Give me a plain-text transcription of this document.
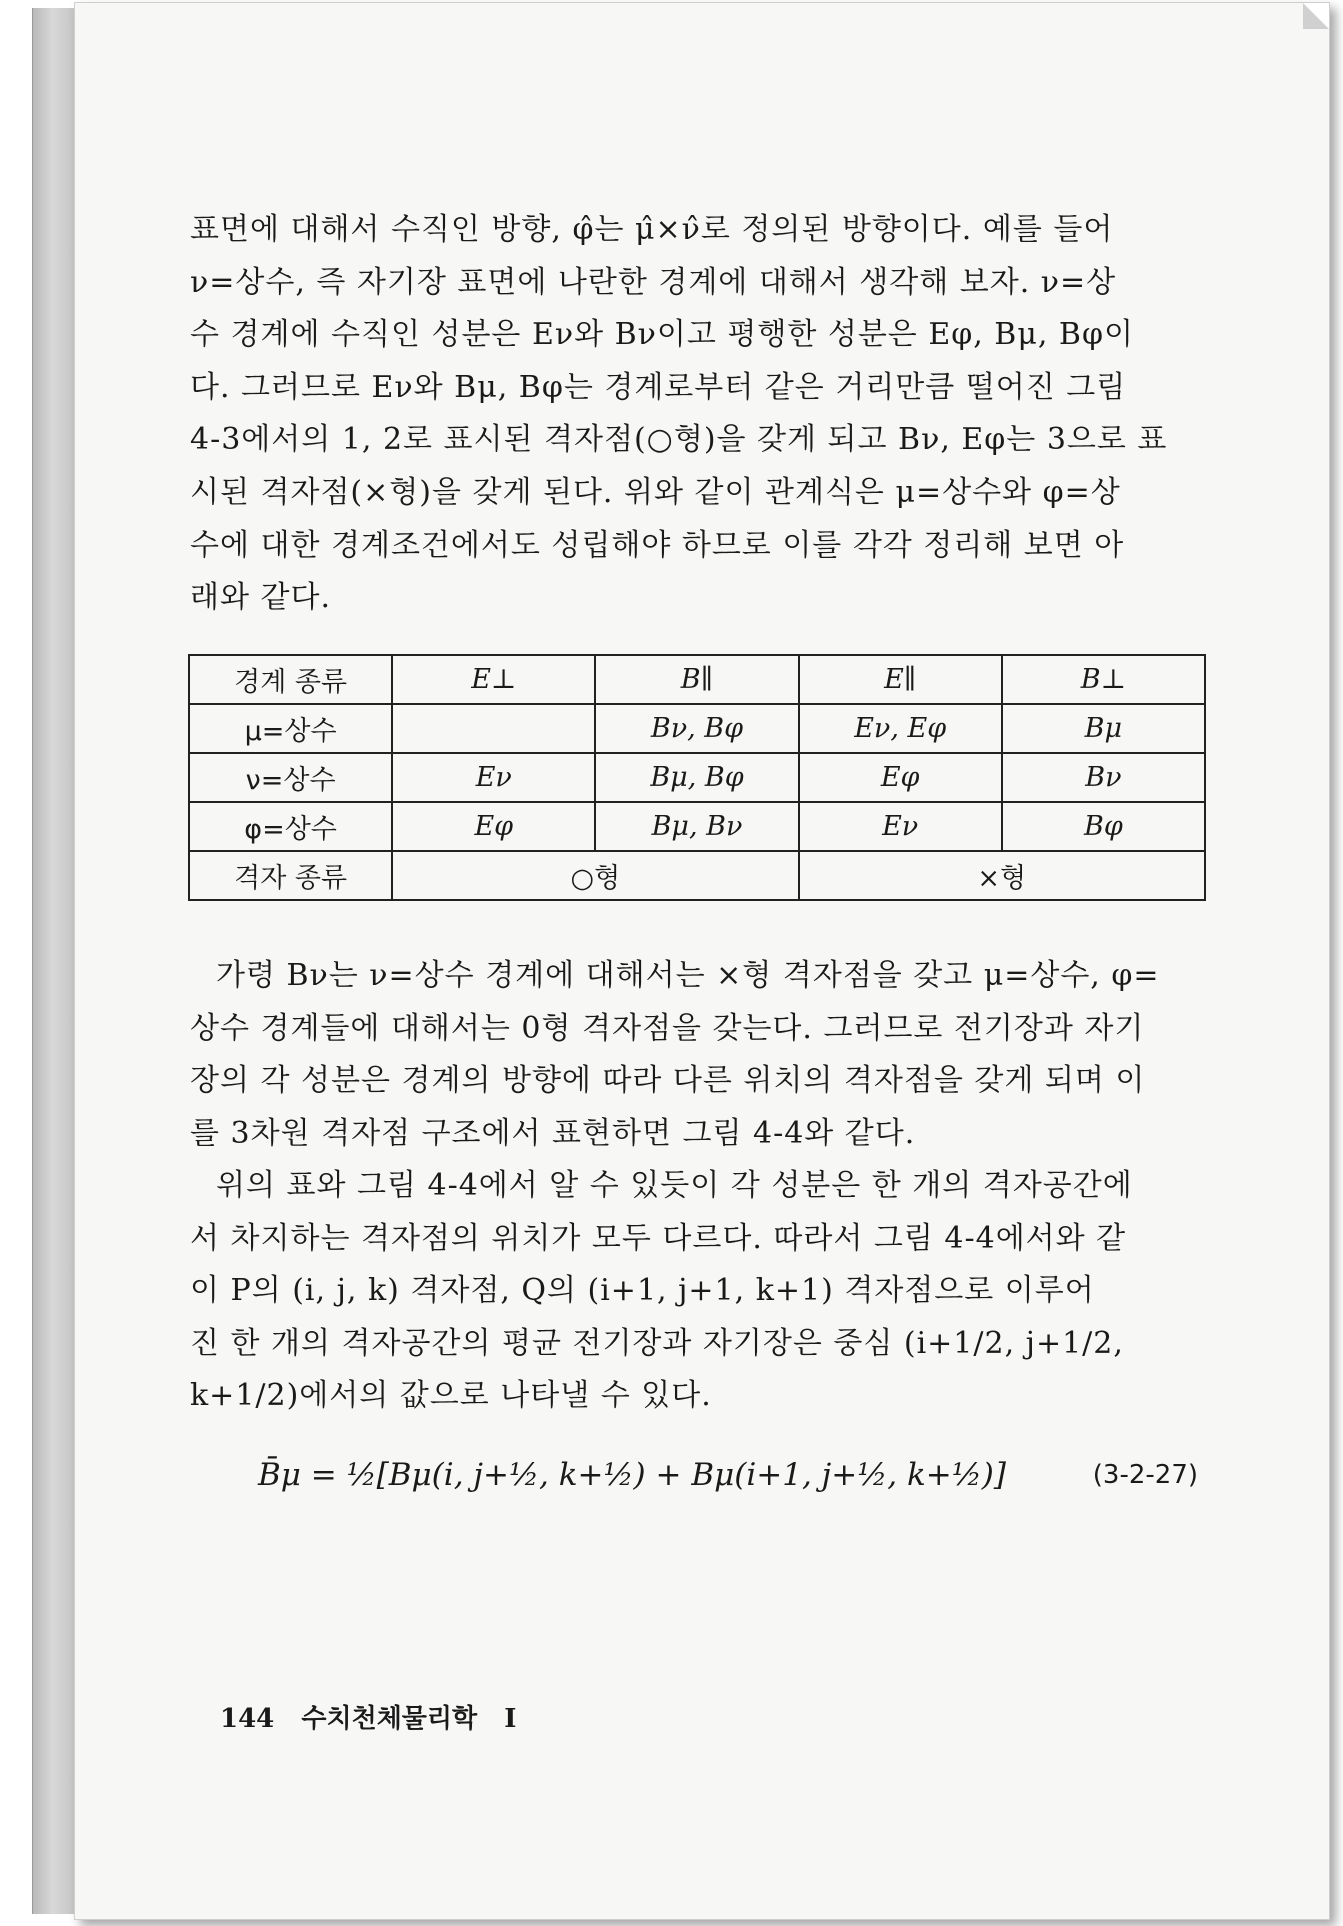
표면에 대해서 수직인 방향, φ̂는 μ̂×ν̂로 정의된 방향이다. 예를 들어

ν=상수, 즉 자기장 표면에 나란한 경계에 대해서 생각해 보자. ν=상

수 경계에 수직인 성분은 Eν와 Bν이고 평행한 성분은 Eφ, Bμ, Bφ이

다. 그러므로 Eν와 Bμ, Bφ는 경계로부터 같은 거리만큼 떨어진 그림

4-3에서의 1, 2로 표시된 격자점(○형)을 갖게 되고 Bν, Eφ는 3으로 표

시된 격자점(×형)을 갖게 된다. 위와 같이 관계식은 μ=상수와 φ=상

수에 대한 경계조건에서도 성립해야 하므로 이를 각각 정리해 보면 아

래와 같다.

경계 종류	E⊥	B∥	E∥	B⊥
μ=상수		Bν, Bφ	Eν, Eφ	Bμ
ν=상수	Eν	Bμ, Bφ	Eφ	Bν
φ=상수	Eφ	Bμ, Bν	Eν	Bφ
격자 종류	○형		×형	

가령 Bν는 ν=상수 경계에 대해서는 ×형 격자점을 갖고 μ=상수, φ=

상수 경계들에 대해서는 0형 격자점을 갖는다. 그러므로 전기장과 자기

장의 각 성분은 경계의 방향에 따라 다른 위치의 격자점을 갖게 되며 이

를 3차원 격자점 구조에서 표현하면 그림 4-4와 같다.

위의 표와 그림 4-4에서 알 수 있듯이 각 성분은 한 개의 격자공간에

서 차지하는 격자점의 위치가 모두 다르다. 따라서 그림 4-4에서와 같

이 P의 (i, j, k) 격자점, Q의 (i+1, j+1, k+1) 격자점으로 이루어

진 한 개의 격자공간의 평균 전기장과 자기장은 중심 (i+1/2, j+1/2,

k+1/2)에서의 값으로 나타낼 수 있다.

B̄μ = ½[Bμ(i, j+½, k+½) + Bμ(i+1, j+½, k+½)]	(3-2-27)
144 수치천체물리학 I
